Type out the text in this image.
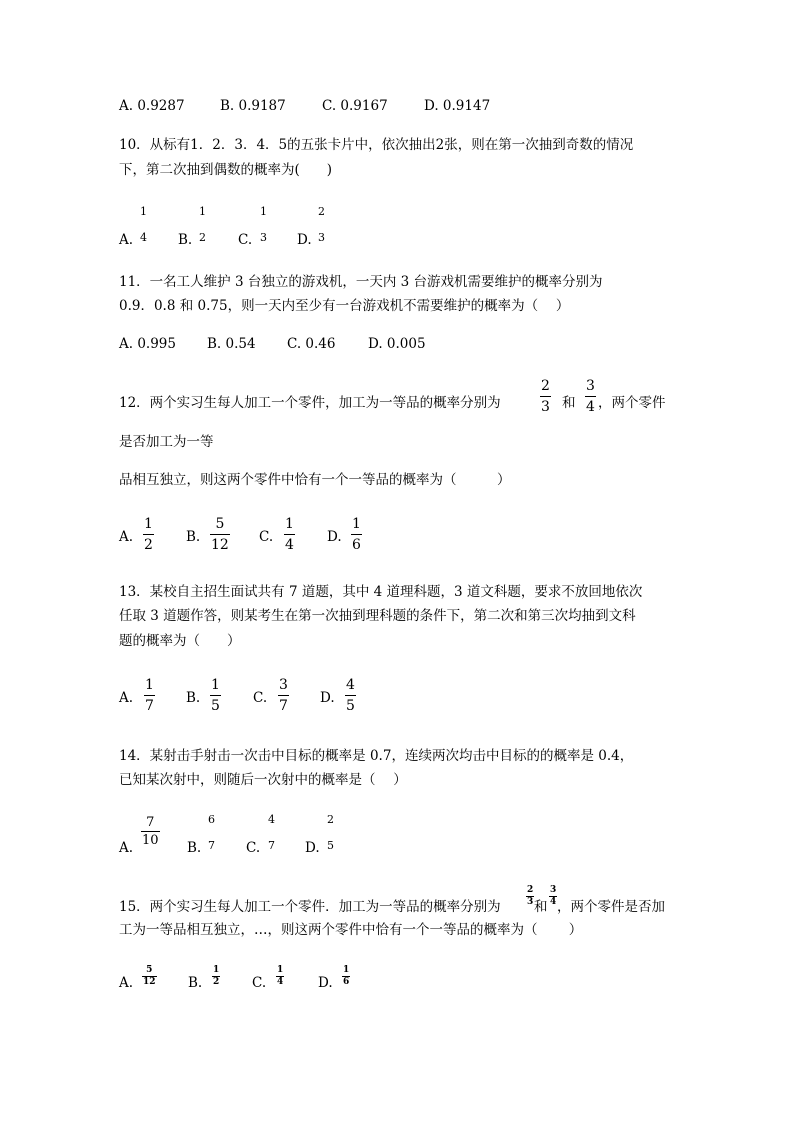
A. 0.9287	B. 0.9187	C. 0.9167	D. 0.9147
10．从标有1．2．3．4．5的五张卡片中，依次抽出2张，则在第一次抽到奇数的情况
下，第二次抽到偶数的概率为(　　)
A.
1
4 B.
1
2 C.
1
3 D.
2
3
11．一名工人维护 3 台独立的游戏机，一天内 3 台游戏机需要维护的概率分别为
0.9．0.8 和 0.75，则一天内至少有一台游戏机不需要维护的概率为（　 ）
A. 0.995 B. 0.54 C. 0.46 D. 0.005
12．两个实习生每人加工一个零件，加工为一等品的概率分别为
2
3 和
3
4 ，两个零件
是否加工为一等
品相互独立，则这两个零件中恰有一个一等品的概率为（　　　）
A.
1
2 B.
5
12 C.
1
4 D.
1
6
13．某校自主招生面试共有 7 道题，其中 4 道理科题，3 道文科题，要求不放回地依次
任取 3 道题作答，则某考生在第一次抽到理科题的条件下，第二次和第三次均抽到文科
题的概率为（　　）
A.
1
7 B.
1
5 C.
3
7 D.
4
5
14．某射击手射击一次击中目标的概率是 0.7，连续两次均击中目标的的概率是 0.4，
已知某次射中，则随后一次射中的概率是（　 ）
A.
7
10 B.
6
7 C.
4
7 D.
2
5
15．两个实习生每人加工一个零件．加工为一等品的概率分别为
2
3 和
3
4 ，两个零件是否加
工为一等品相互独立，…，则这两个零件中恰有一个一等品的概率为（　　 ）
A.
5
12 B.
1
2 C.
1
4	D.
1
6
